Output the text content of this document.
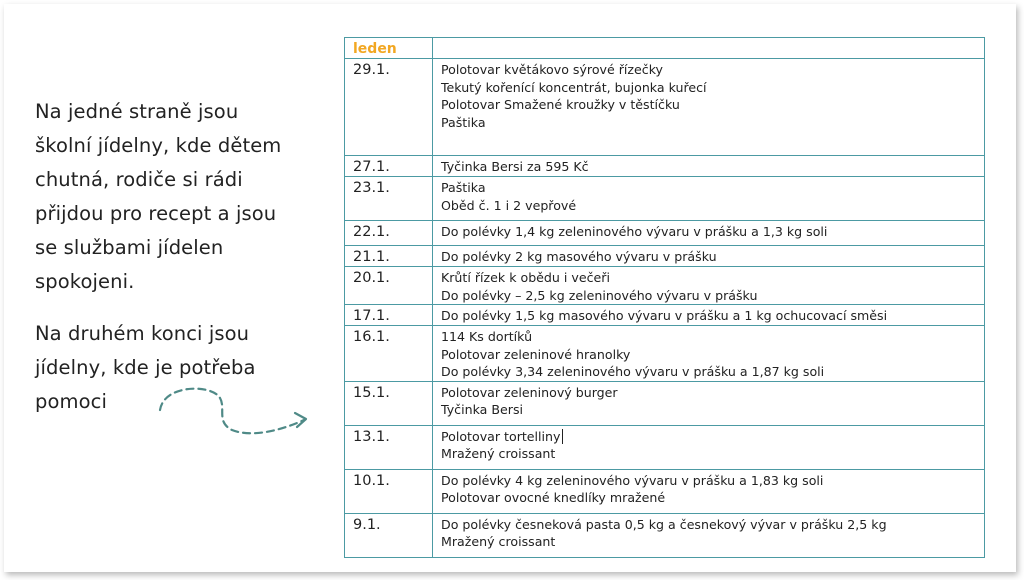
Na jedné straně jsou
školní jídelny, kde dětem
chutná, rodiče si rádi
přijdou pro recept a jsou
se službami jídelen
spokojeni.
Na druhém konci jsou
jídelny, kde je potřeba
pomoci
leden	
29.1.	Polotovar květákovo sýrové řízečky
Tekutý kořenící koncentrát, bujonka kuřecí
Polotovar Smažené kroužky v těstíčku
Paštika

27.1.	Tyčinka Bersi za 595 Kč

23.1.	Paštika
Oběd č. 1 i 2 vepřové

22.1.	Do polévky 1,4 kg zeleninového vývaru v prášku a 1,3 kg soli

21.1.	Do polévky 2 kg masového vývaru v prášku

20.1.	Krůtí řízek k obědu i večeři
Do polévky – 2,5 kg zeleninového vývaru v prášku

17.1.	Do polévky 1,5 kg masového vývaru v prášku a 1 kg ochucovací směsi

16.1.	114 Ks dortíků
Polotovar zeleninové hranolky
Do polévky 3,34 zeleninového vývaru v prášku a 1,87 kg soli

15.1.	Polotovar zeleninový burger
Tyčinka Bersi

13.1.	Polotovar tortelliny
Mražený croissant

10.1.	Do polévky 4 kg zeleninového vývaru v prášku a 1,83 kg soli
Polotovar ovocné knedlíky mražené

9.1.	Do polévky česneková pasta 0,5 kg a česnekový vývar v prášku 2,5 kg
Mražený croissant
